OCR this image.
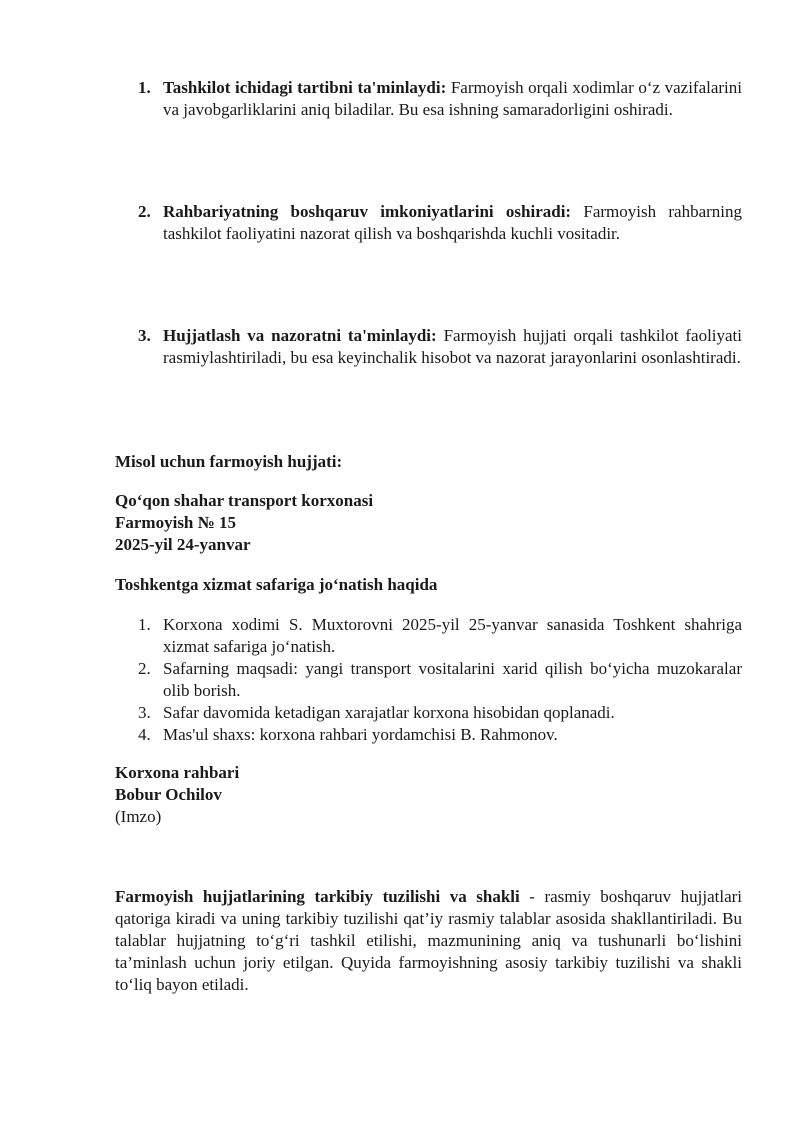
1. Tashkilot ichidagi tartibni ta'minlaydi: Farmoyish orqali xodimlar o‘z vazifalarini va javobgarliklarini aniq biladilar. Bu esa ishning samaradorligini oshiradi.
2. Rahbariyatning boshqaruv imkoniyatlarini oshiradi: Farmoyish rahbarning tashkilot faoliyatini nazorat qilish va boshqarishda kuchli vositadir.
3. Hujjatlash va nazoratni ta'minlaydi: Farmoyish hujjati orqali tashkilot faoliyati rasmiylashtiriladi, bu esa keyinchalik hisobot va nazorat jarayonlarini osonlashtiradi.
Misol uchun farmoyish hujjati:
Qo‘qon shahar transport korxonasi
Farmoyish № 15
2025-yil 24-yanvar
Toshkentga xizmat safariga jo‘natish haqida
1. Korxona xodimi S. Muxtorovni 2025-yil 25-yanvar sanasida Toshkent shahriga xizmat safariga jo‘natish.
2. Safarning maqsadi: yangi transport vositalarini xarid qilish bo‘yicha muzokaralar olib borish.
3. Safar davomida ketadigan xarajatlar korxona hisobidan qoplanadi.
4. Mas'ul shaxs: korxona rahbari yordamchisi B. Rahmonov.
Korxona rahbari
Bobur Ochilov
(Imzo)
Farmoyish hujjatlarining tarkibiy tuzilishi va shakli - rasmiy boshqaruv hujjatlari qatoriga kiradi va uning tarkibiy tuzilishi qat’iy rasmiy talablar asosida shakllantiriladi. Bu talablar hujjatning to‘g‘ri tashkil etilishi, mazmunining aniq va tushunarli bo‘lishini ta’minlash uchun joriy etilgan. Quyida farmoyishning asosiy tarkibiy tuzilishi va shakli to‘liq bayon etiladi.
